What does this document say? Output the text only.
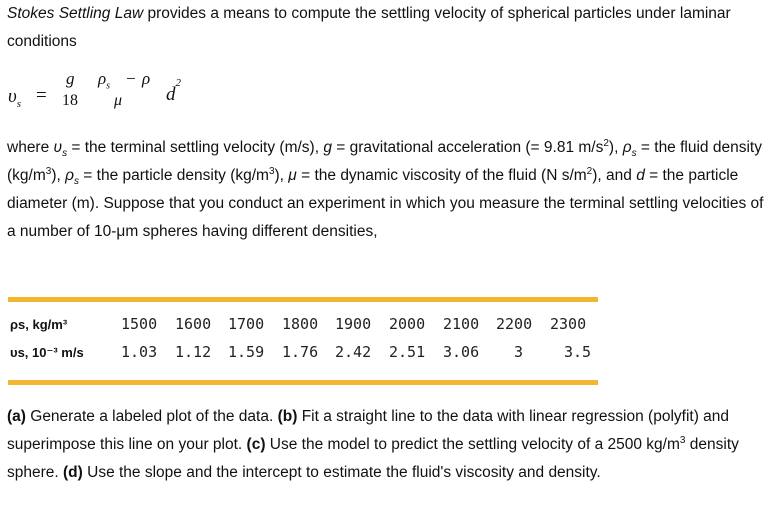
Stokes Settling Law provides a means to compute the settling velocity of spherical particles under laminar conditions

$\upsilon_s$ =
g $\rho_s - \rho$
18 μ $d^2$

where $\upsilon_s$ = the terminal settling velocity (m/s), g = gravitational acceleration (= 9.81 $m/s^2$), $\rho_s$ = the fluid density $(kg/m^3)$, $\rho_s$ = the particle density $(kg/m^3)$, μ = the dynamic viscosity of the fluid (N $s/m^2$), and d = the particle diameter (m). Suppose that you conduct an experiment in which you measure the terminal settling velocities of a number of 10-μm spheres having different densities,

ρs, kg/m³	1500 1600 1700 1800 1900 2000 2100 2200 2300
υs, 10⁻³ m/s 1.03 1.12 1.59 1.76 2.42 2.51 3.06 3	3.5

(a) Generate a labeled plot of the data. (b) Fit a straight line to the data with linear regression (polyfit) and superimpose this line on your plot. (c) Use the model to predict the settling velocity of a 2500 $kg/m^3$ density sphere. (d) Use the slope and the intercept to estimate the fluid's viscosity and density.
